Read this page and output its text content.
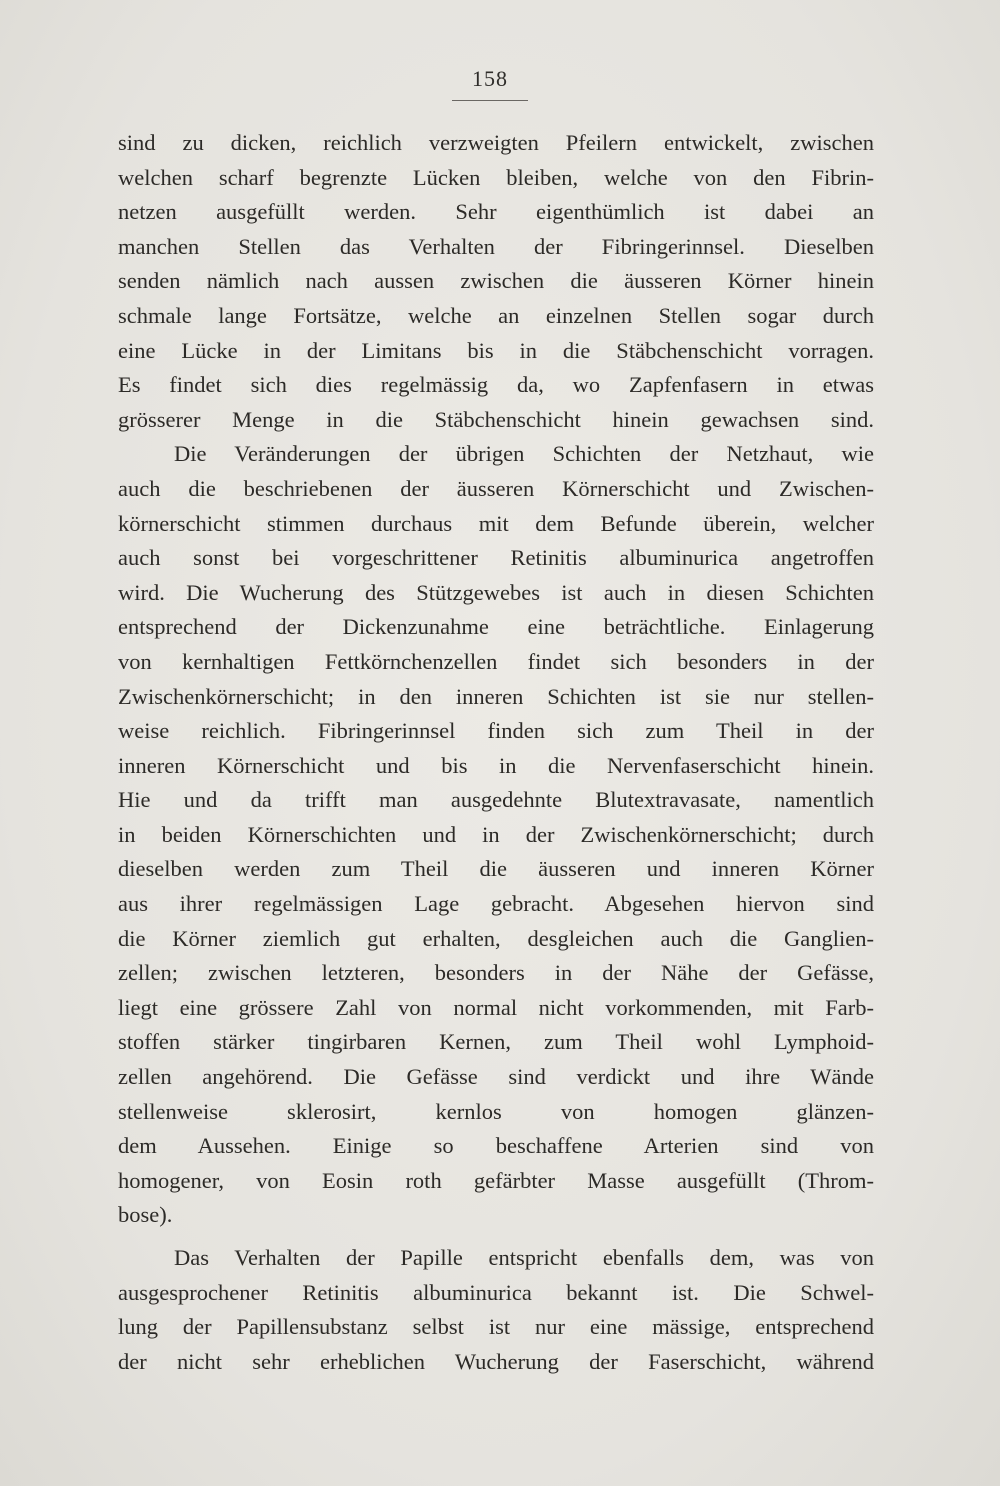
158
sind zu dicken, reichlich verzweigten Pfeilern entwickelt, zwischen
welchen scharf begrenzte Lücken bleiben, welche von den Fibrin-
netzen ausgefüllt werden. Sehr eigenthümlich ist dabei an
manchen Stellen das Verhalten der Fibringerinnsel. Dieselben
senden nämlich nach aussen zwischen die äusseren Körner hinein
schmale lange Fortsätze, welche an einzelnen Stellen sogar durch
eine Lücke in der Limitans bis in die Stäbchenschicht vorragen.
Es findet sich dies regelmässig da, wo Zapfenfasern in etwas
grösserer Menge in die Stäbchenschicht hinein gewachsen sind.
Die Veränderungen der übrigen Schichten der Netzhaut, wie
auch die beschriebenen der äusseren Körnerschicht und Zwischen-
körnerschicht stimmen durchaus mit dem Befunde überein, welcher
auch sonst bei vorgeschrittener Retinitis albuminurica angetroffen
wird. Die Wucherung des Stützgewebes ist auch in diesen Schichten
entsprechend der Dickenzunahme eine beträchtliche. Einlagerung
von kernhaltigen Fettkörnchenzellen findet sich besonders in der
Zwischenkörnerschicht; in den inneren Schichten ist sie nur stellen-
weise reichlich. Fibringerinnsel finden sich zum Theil in der
inneren Körnerschicht und bis in die Nervenfaserschicht hinein.
Hie und da trifft man ausgedehnte Blutextravasate, namentlich
in beiden Körnerschichten und in der Zwischenkörnerschicht; durch
dieselben werden zum Theil die äusseren und inneren Körner
aus ihrer regelmässigen Lage gebracht. Abgesehen hiervon sind
die Körner ziemlich gut erhalten, desgleichen auch die Ganglien-
zellen; zwischen letzteren, besonders in der Nähe der Gefässe,
liegt eine grössere Zahl von normal nicht vorkommenden, mit Farb-
stoffen stärker tingirbaren Kernen, zum Theil wohl Lymphoid-
zellen angehörend. Die Gefässe sind verdickt und ihre Wände
stellenweise sklerosirt, kernlos von homogen glänzen-
dem Aussehen. Einige so beschaffene Arterien sind von
homogener, von Eosin roth gefärbter Masse ausgefüllt (Throm-
bose).
Das Verhalten der Papille entspricht ebenfalls dem, was von
ausgesprochener Retinitis albuminurica bekannt ist. Die Schwel-
lung der Papillensubstanz selbst ist nur eine mässige, entsprechend
der nicht sehr erheblichen Wucherung der Faserschicht, während
